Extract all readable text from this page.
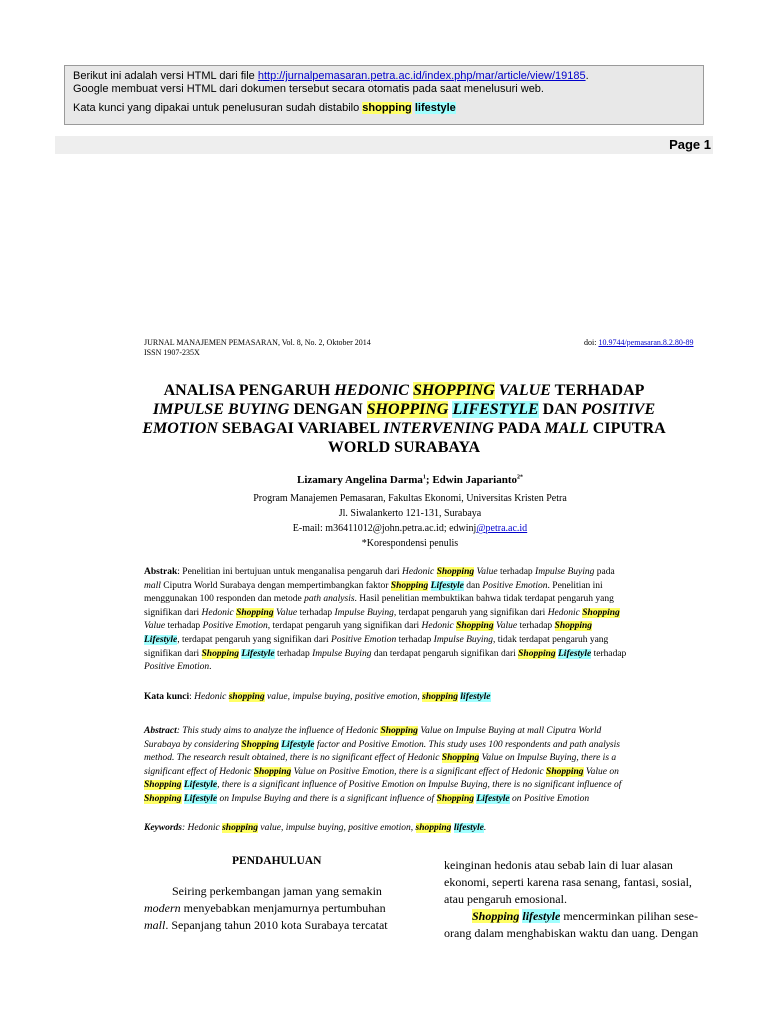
Berikut ini adalah versi HTML dari file http://jurnalpemasaran.petra.ac.id/index.php/mar/article/view/19185.
Google membuat versi HTML dari dokumen tersebut secara otomatis pada saat menelusuri web.
Kata kunci yang dipakai untuk penelusuran sudah distabilo shopping lifestyle
Page 1
JURNAL MANAJEMEN PEMASARAN, Vol. 8, No. 2, Oktober 2014
ISSN 1907-235X
doi: 10.9744/pemasaran.8.2.80-89
ANALISA PENGARUH HEDONIC SHOPPING VALUE TERHADAP
IMPULSE BUYING DENGAN SHOPPING LIFESTYLE DAN POSITIVE
EMOTION SEBAGAI VARIABEL INTERVENING PADA MALL CIPUTRA
WORLD SURABAYA
Lizamary Angelina Darma$^1$; Edwin Japarianto$^{2*}$
Program Manajemen Pemasaran, Fakultas Ekonomi, Universitas Kristen Petra
Jl. Siwalankerto 121-131, Surabaya
E-mail: m36411012@john.petra.ac.id; edwinj@petra.ac.id
*Korespondensi penulis
Abstrak: Penelitian ini bertujuan untuk menganalisa pengaruh dari Hedonic Shopping Value terhadap Impulse Buying pada
mall Ciputra World Surabaya dengan mempertimbangkan faktor Shopping Lifestyle dan Positive Emotion. Penelitian ini
menggunakan 100 responden dan metode path analysis. Hasil penelitian membuktikan bahwa tidak terdapat pengaruh yang
signifikan dari Hedonic Shopping Value terhadap Impulse Buying, terdapat pengaruh yang signifikan dari Hedonic Shopping
Value terhadap Positive Emotion, terdapat pengaruh yang signifikan dari Hedonic Shopping Value terhadap Shopping
Lifestyle, terdapat pengaruh yang signifikan dari Positive Emotion terhadap Impulse Buying, tidak terdapat pengaruh yang
signifikan dari Shopping Lifestyle terhadap Impulse Buying dan terdapat pengaruh signifikan dari Shopping Lifestyle terhadap
Positive Emotion.
Kata kunci: Hedonic shopping value, impulse buying, positive emotion, shopping lifestyle
Abstract: This study aims to analyze the influence of Hedonic Shopping Value on Impulse Buying at mall Ciputra World
Surabaya by considering Shopping Lifestyle factor and Positive Emotion. This study uses 100 respondents and path analysis
method. The research result obtained, there is no significant effect of Hedonic Shopping Value on Impulse Buying, there is a
significant effect of Hedonic Shopping Value on Positive Emotion, there is a significant effect of Hedonic Shopping Value on
Shopping Lifestyle, there is a significant influence of Positive Emotion on Impulse Buying, there is no significant influence of
Shopping Lifestyle on Impulse Buying and there is a significant influence of Shopping Lifestyle on Positive Emotion
Keywords: Hedonic shopping value, impulse buying, positive emotion, shopping lifestyle.
PENDAHULUAN
Seiring perkembangan jaman yang semakin
modern menyebabkan menjamurnya pertumbuhan
mall. Sepanjang tahun 2010 kota Surabaya tercatat
keinginan hedonis atau sebab lain di luar alasan
ekonomi, seperti karena rasa senang, fantasi, sosial,
atau pengaruh emosional.
Shopping lifestyle mencerminkan pilihan sese-
orang dalam menghabiskan waktu dan uang. Dengan
